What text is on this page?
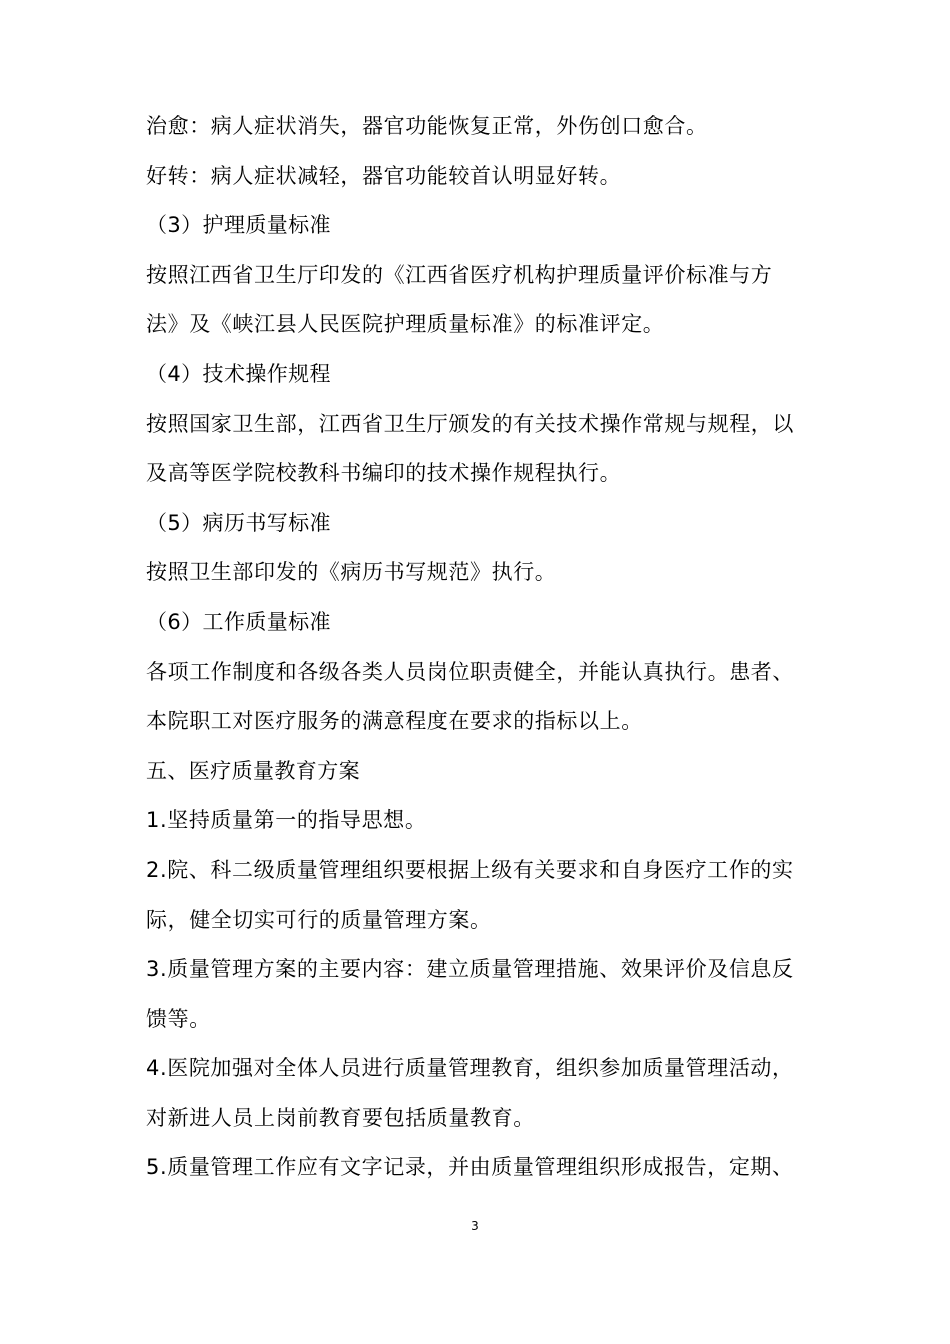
治愈：病人症状消失，器官功能恢复正常，外伤创口愈合。
好转：病人症状减轻，器官功能较首认明显好转。
（3）护理质量标准
按照江西省卫生厅印发的《江西省医疗机构护理质量评价标准与方
法》及《峡江县人民医院护理质量标准》的标准评定。
（4）技术操作规程
按照国家卫生部，江西省卫生厅颁发的有关技术操作常规与规程，以
及高等医学院校教科书编印的技术操作规程执行。
（5）病历书写标准
按照卫生部印发的《病历书写规范》执行。
（6）工作质量标准
各项工作制度和各级各类人员岗位职责健全，并能认真执行。患者、
本院职工对医疗服务的满意程度在要求的指标以上。
五、医疗质量教育方案
1.坚持质量第一的指导思想。
2.院、科二级质量管理组织要根据上级有关要求和自身医疗工作的实
际，健全切实可行的质量管理方案。
3.质量管理方案的主要内容：建立质量管理措施、效果评价及信息反
馈等。
4.医院加强对全体人员进行质量管理教育，组织参加质量管理活动，
对新进人员上岗前教育要包括质量教育。
5.质量管理工作应有文字记录，并由质量管理组织形成报告，定期、
3
